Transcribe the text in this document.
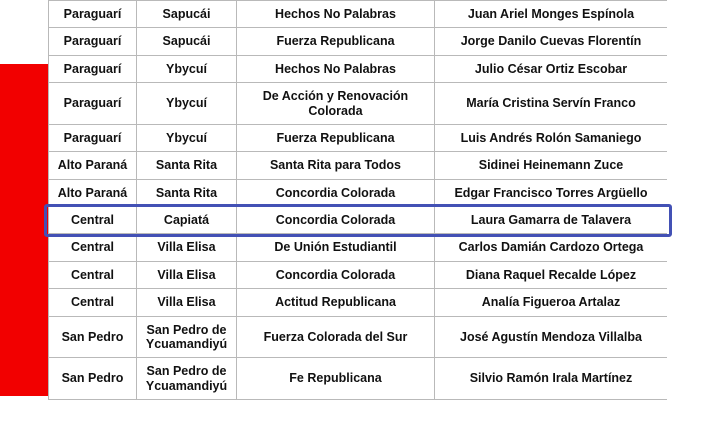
Paraguarí	Sapucái	Hechos No Palabras	Juan Ariel Monges Espínola
Paraguarí	Sapucái	Fuerza Republicana	Jorge Danilo Cuevas Florentín
Paraguarí	Ybycuí	Hechos No Palabras	Julio César Ortiz Escobar
Paraguarí	Ybycuí	De Acción y Renovación Colorada	María Cristina Servín Franco
Paraguarí	Ybycuí	Fuerza Republicana	Luis Andrés Rolón Samaniego
Alto Paraná	Santa Rita	Santa Rita para Todos	Sidinei Heinemann Zuce
Alto Paraná	Santa Rita	Concordia Colorada	Edgar Francisco Torres Argüello
Central	Capiatá	Concordia Colorada	Laura Gamarra de Talavera
Central	Villa Elisa	De Unión Estudiantil	Carlos Damián Cardozo Ortega
Central	Villa Elisa	Concordia Colorada	Diana Raquel Recalde López
Central	Villa Elisa	Actitud Republicana	Analía Figueroa Artalaz
San Pedro	San Pedro de Ycuamandiyú	Fuerza Colorada del Sur	José Agustín Mendoza Villalba
San Pedro	San Pedro de Ycuamandiyú	Fe Republicana	Silvio Ramón Irala Martínez
